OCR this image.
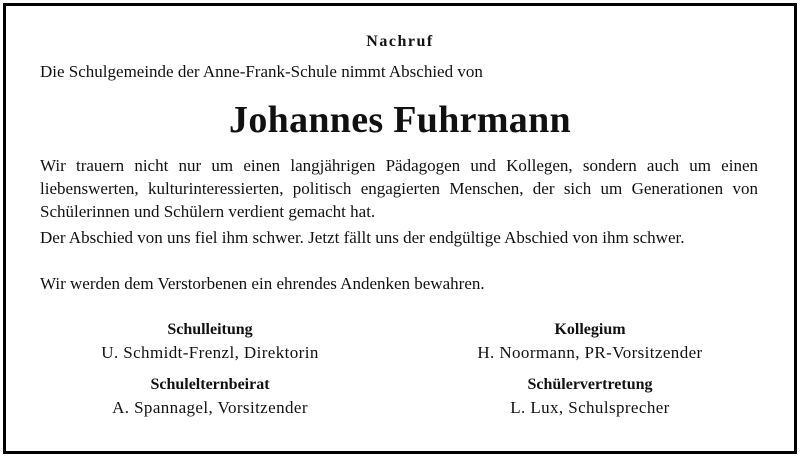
Nachruf
Die Schulgemeinde der Anne-Frank-Schule nimmt Abschied von
Johannes Fuhrmann
Wir trauern nicht nur um einen langjährigen Pädagogen und Kollegen, sondern auch um einen liebenswerten, kulturinteressierten, politisch engagierten Menschen, der sich um Generationen von Schülerinnen und Schülern verdient gemacht hat.
Der Abschied von uns fiel ihm schwer. Jetzt fällt uns der endgültige Abschied von ihm schwer.
Wir werden dem Verstorbenen ein ehrendes Andenken bewahren.
Schulleitung
U. Schmidt-Frenzl, Direktorin
Kollegium
H. Noormann, PR-Vorsitzender
Schulelternbeirat
A. Spannagel, Vorsitzender
Schülervertretung
L. Lux, Schulsprecher
